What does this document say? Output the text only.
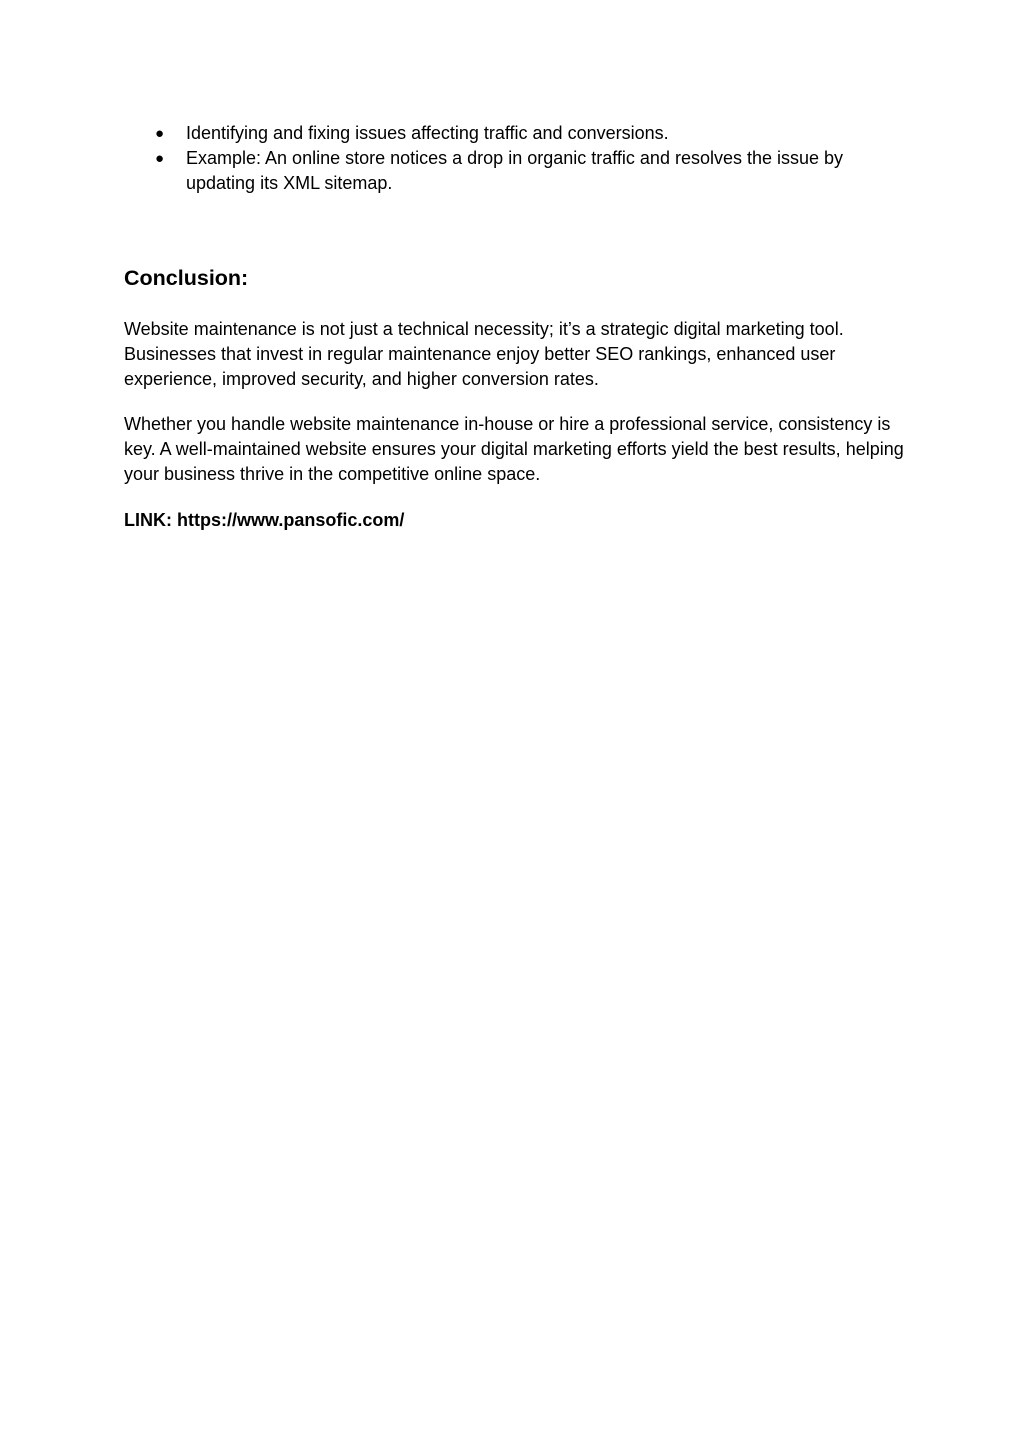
● Identifying and fixing issues affecting traffic and conversions.
● Example: An online store notices a drop in organic traffic and resolves the issue by updating its XML sitemap.
Conclusion:

Website maintenance is not just a technical necessity; it’s a strategic digital marketing tool. Businesses that invest in regular maintenance enjoy better SEO rankings, enhanced user experience, improved security, and higher conversion rates.

Whether you handle website maintenance in-house or hire a professional service, consistency is key. A well-maintained website ensures your digital marketing efforts yield the best results, helping your business thrive in the competitive online space.

LINK: https://www.pansofic.com/
